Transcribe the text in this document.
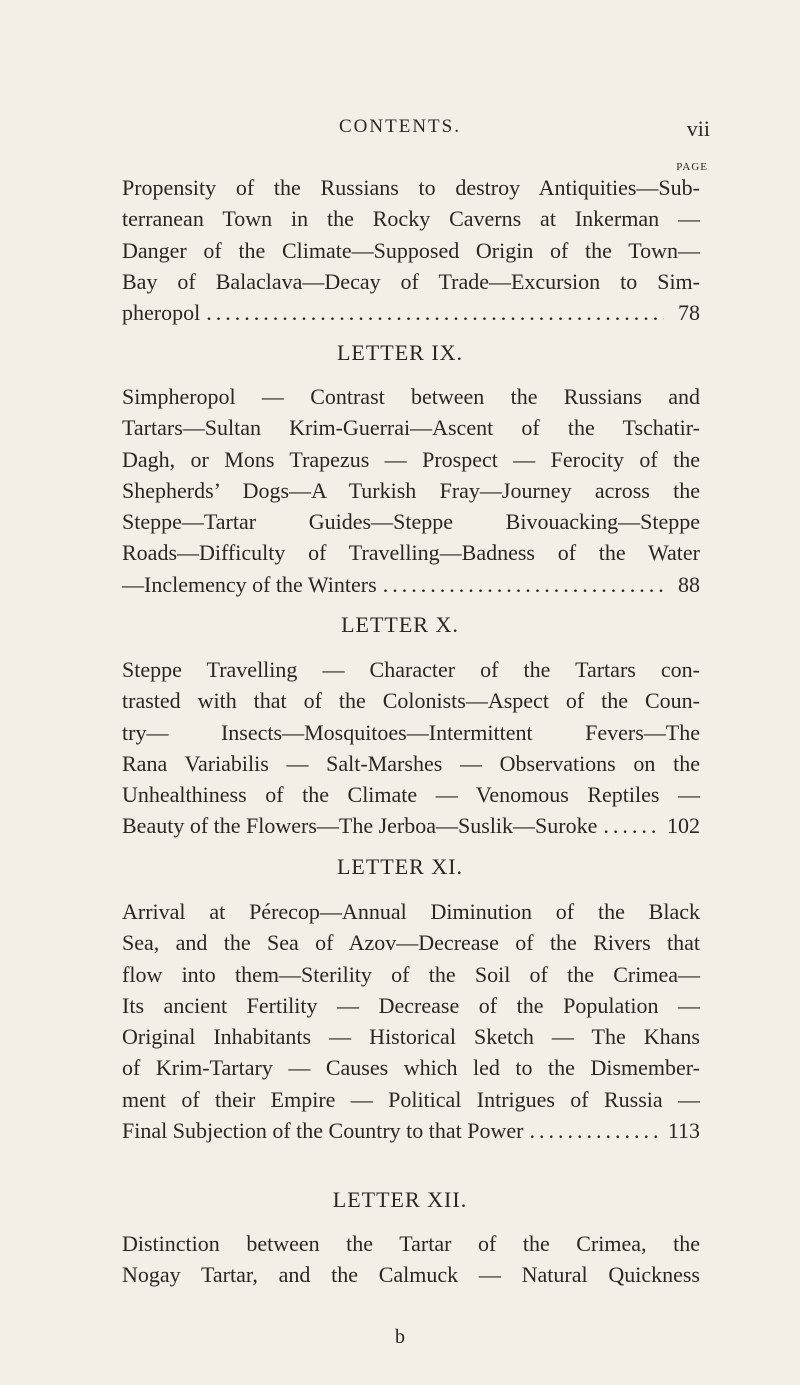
CONTENTS.	vii
PAGE
Propensity of the Russians to destroy Antiquities—Sub-
terranean Town in the Rocky Caverns at Inkerman —
Danger of the Climate—Supposed Origin of the Town—
Bay of Balaclava—Decay of Trade—Excursion to Sim-
pheropol .....	78
LETTER IX.
Simpheropol — Contrast between the Russians and
Tartars—Sultan Krim-Guerrai—Ascent of the Tschatir-
Dagh, or Mons Trapezus — Prospect — Ferocity of the
Shepherds’ Dogs—A Turkish Fray—Journey across the
Steppe—Tartar Guides—Steppe Bivouacking—Steppe
Roads—Difficulty of Travelling—Badness of the Water
—Inclemency of the Winters .....	88
LETTER X.
Steppe Travelling — Character of the Tartars con-
trasted with that of the Colonists—Aspect of the Coun-
try— Insects—Mosquitoes—Intermittent Fevers—The
Rana Variabilis — Salt-Marshes — Observations on the
Unhealthiness of the Climate — Venomous Reptiles —
Beauty of the Flowers—The Jerboa—Suslik—Suroke .....	102
LETTER XI.
Arrival at Pérecop—Annual Diminution of the Black
Sea, and the Sea of Azov—Decrease of the Rivers that
flow into them—Sterility of the Soil of the Crimea—
Its ancient Fertility — Decrease of the Population —
Original Inhabitants — Historical Sketch — The Khans
of Krim-Tartary — Causes which led to the Dismember-
ment of their Empire — Political Intrigues of Russia —
Final Subjection of the Country to that Power .....	113
LETTER XII.
Distinction between the Tartar of the Crimea, the
Nogay Tartar, and the Calmuck — Natural Quickness
b
